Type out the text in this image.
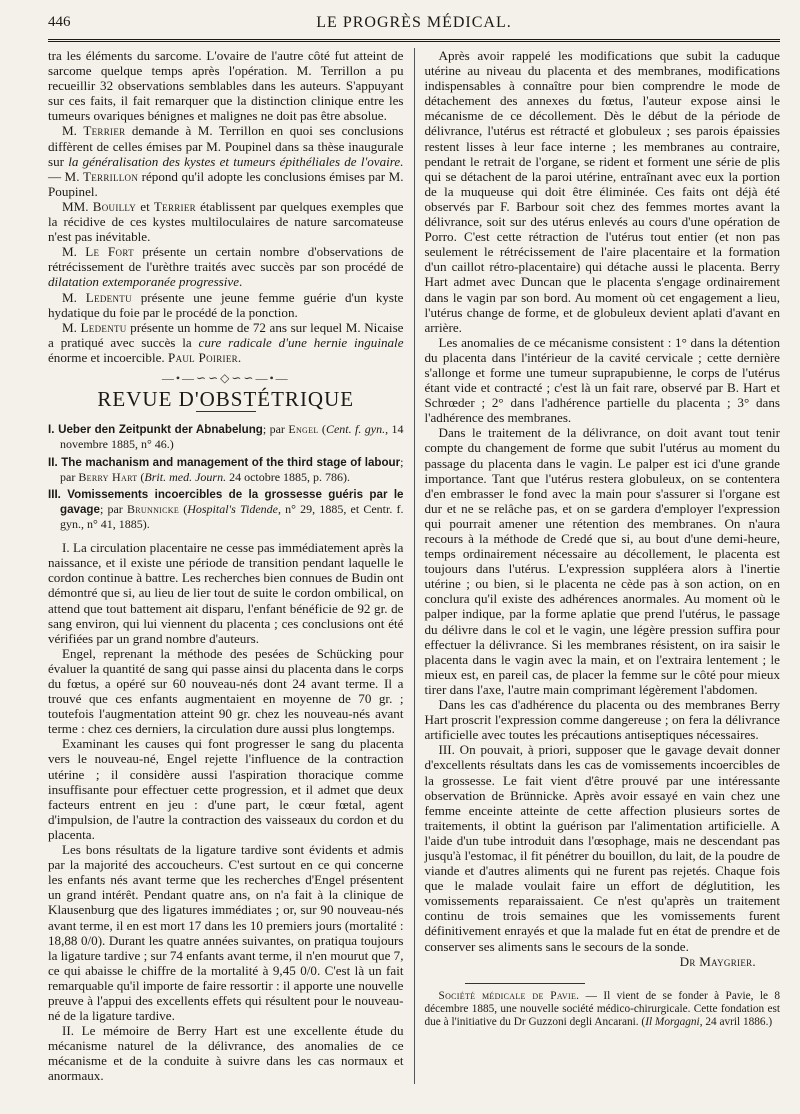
446	LE PROGRÈS MÉDICAL.

tra les éléments du sarcome. L'ovaire de l'autre côté fut atteint de sarcome quelque temps après l'opération. M. Terrillon a pu recueillir 32 observations semblables dans les auteurs. S'appuyant sur ces faits, il fait remarquer que la distinction clinique entre les tumeurs ovariques bénignes et malignes ne doit pas être absolue.

M. Terrier demande à M. Terrillon en quoi ses conclusions diffèrent de celles émises par M. Poupinel dans sa thèse inaugurale sur la généralisation des kystes et tumeurs épithéliales de l'ovaire. — M. Terrillon répond qu'il adopte les conclusions émises par M. Poupinel.

MM. Bouilly et Terrier établissent par quelques exemples que la récidive de ces kystes multiloculaires de nature sarcomateuse n'est pas inévitable.

M. Le Fort présente un certain nombre d'observations de rétrécissement de l'urèthre traités avec succès par son procédé de dilatation extemporanée progressive.

M. Ledentu présente une jeune femme guérie d'un kyste hydatique du foie par le procédé de la ponction.

M. Ledentu présente un homme de 72 ans sur lequel M. Nicaise a pratiqué avec succès la cure radicale d'une hernie inguinale énorme et incoercible. Paul Poirier.

—•—∽∽◇∽∽—•—
REVUE D'OBSTÉTRIQUE

I. Ueber den Zeitpunkt der Abnabelung; par Engel (Cent. f. gyn., 14 novembre 1885, n° 46.)

II. The machanism and management of the third stage of labour; par Berry Hart (Brit. med. Journ. 24 octobre 1885, p. 786).

III. Vomissements incoercibles de la grossesse guéris par le gavage; par Brunnicke (Hospital's Tidende, n° 29, 1885, et Centr. f. gyn., n° 41, 1885).

I. La circulation placentaire ne cesse pas immédiatement après la naissance, et il existe une période de transition pendant laquelle le cordon continue à battre. Les recherches bien connues de Budin ont démontré que si, au lieu de lier tout de suite le cordon ombilical, on attend que tout battement ait disparu, l'enfant bénéficie de 92 gr. de sang environ, qui lui viennent du placenta ; ces conclusions ont été vérifiées par un grand nombre d'auteurs.

Engel, reprenant la méthode des pesées de Schücking pour évaluer la quantité de sang qui passe ainsi du placenta dans le corps du fœtus, a opéré sur 60 nouveau-nés dont 24 avant terme. Il a trouvé que ces enfants augmentaient en moyenne de 70 gr. ; toutefois l'augmentation atteint 90 gr. chez les nouveau-nés avant terme : chez ces derniers, la circulation dure aussi plus longtemps.

Examinant les causes qui font progresser le sang du placenta vers le nouveau-né, Engel rejette l'influence de la contraction utérine ; il considère aussi l'aspiration thoracique comme insuffisante pour effectuer cette progression, et il admet que deux facteurs entrent en jeu : d'une part, le cœur fœtal, agent d'impulsion, de l'autre la contraction des vaisseaux du cordon et du placenta.

Les bons résultats de la ligature tardive sont évidents et admis par la majorité des accoucheurs. C'est surtout en ce qui concerne les enfants nés avant terme que les recherches d'Engel présentent un grand intérêt. Pendant quatre ans, on n'a fait à la clinique de Klausenburg que des ligatures immédiates ; or, sur 90 nouveau-nés avant terme, il en est mort 17 dans les 10 premiers jours (mortalité : 18,88 0/0). Durant les quatre années suivantes, on pratiqua toujours la ligature tardive ; sur 74 enfants avant terme, il n'en mourut que 7, ce qui abaisse le chiffre de la mortalité à 9,45 0/0. C'est là un fait remarquable qu'il importe de faire ressortir : il apporte une nouvelle preuve à l'appui des excellents effets qui résultent pour le nouveau-né de la ligature tardive.

II. Le mémoire de Berry Hart est une excellente étude du mécanisme naturel de la délivrance, des anomalies de ce mécanisme et de la conduite à suivre dans les cas normaux et anormaux.

Après avoir rappelé les modifications que subit la caduque utérine au niveau du placenta et des membranes, modifications indispensables à connaître pour bien comprendre le mode de détachement des annexes du fœtus, l'auteur expose ainsi le mécanisme de ce décollement. Dès le début de la période de délivrance, l'utérus est rétracté et globuleux ; ses parois épaissies restent lisses à leur face interne ; les membranes au contraire, pendant le retrait de l'organe, se rident et forment une série de plis qui se détachent de la paroi utérine, entraînant avec eux la portion de la muqueuse qui doit être éliminée. Ces faits ont déjà été observés par F. Barbour soit chez des femmes mortes avant la délivrance, soit sur des utérus enlevés au cours d'une opération de Porro. C'est cette rétraction de l'utérus tout entier (et non pas seulement le rétrécissement de l'aire placentaire et la formation d'un caillot rétro-placentaire) qui détache aussi le placenta. Berry Hart admet avec Duncan que le placenta s'engage ordinairement dans le vagin par son bord. Au moment où cet engagement a lieu, l'utérus change de forme, et de globuleux devient aplati d'avant en arrière.

Les anomalies de ce mécanisme consistent : 1° dans la détention du placenta dans l'intérieur de la cavité cervicale ; cette dernière s'allonge et forme une tumeur suprapubienne, le corps de l'utérus étant vide et contracté ; c'est là un fait rare, observé par B. Hart et Schrœder ; 2° dans l'adhérence partielle du placenta ; 3° dans l'adhérence des membranes.

Dans le traitement de la délivrance, on doit avant tout tenir compte du changement de forme que subit l'utérus au moment du passage du placenta dans le vagin. Le palper est ici d'une grande importance. Tant que l'utérus restera globuleux, on se contentera d'en embrasser le fond avec la main pour s'assurer si l'organe est dur et ne se relâche pas, et on se gardera d'employer l'expression qui pourrait amener une rétention des membranes. On n'aura recours à la méthode de Credé que si, au bout d'une demi-heure, temps ordinairement nécessaire au décollement, le placenta est toujours dans l'utérus. L'expression suppléera alors à l'inertie utérine ; ou bien, si le placenta ne cède pas à son action, on en conclura qu'il existe des adhérences anormales. Au moment où le palper indique, par la forme aplatie que prend l'utérus, le passage du délivre dans le col et le vagin, une légère pression suffira pour effectuer la délivrance. Si les membranes résistent, on ira saisir le placenta dans le vagin avec la main, et on l'extraira lentement ; le mieux est, en pareil cas, de placer la femme sur le côté pour mieux tirer dans l'axe, l'autre main comprimant légèrement l'abdomen.

Dans les cas d'adhérence du placenta ou des membranes Berry Hart proscrit l'expression comme dangereuse ; on fera la délivrance artificielle avec toutes les précautions antiseptiques nécessaires.

III. On pouvait, à priori, supposer que le gavage devait donner d'excellents résultats dans les cas de vomissements incoercibles de la grossesse. Le fait vient d'être prouvé par une intéressante observation de Brünnicke. Après avoir essayé en vain chez une femme enceinte atteinte de cette affection plusieurs sortes de traitements, il obtint la guérison par l'alimentation artificielle. A l'aide d'un tube introduit dans l'œsophage, mais ne descendant pas jusqu'à l'estomac, il fit pénétrer du bouillon, du lait, de la poudre de viande et d'autres aliments qui ne furent pas rejetés. Chaque fois que le malade voulait faire un effort de déglutition, les vomissements reparaissaient. Ce n'est qu'après un traitement continu de trois semaines que les vomissements furent définitivement enrayés et que la malade fut en état de prendre et de conserver ses aliments sans le secours de la sonde.

Dr Maygrier.

Société médicale de Pavie. — Il vient de se fonder à Pavie, le 8 décembre 1885, une nouvelle société médico-chirurgicale. Cette fondation est due à l'initiative du Dr Guzzoni degli Ancarani. (Il Morgagni, 24 avril 1886.)
